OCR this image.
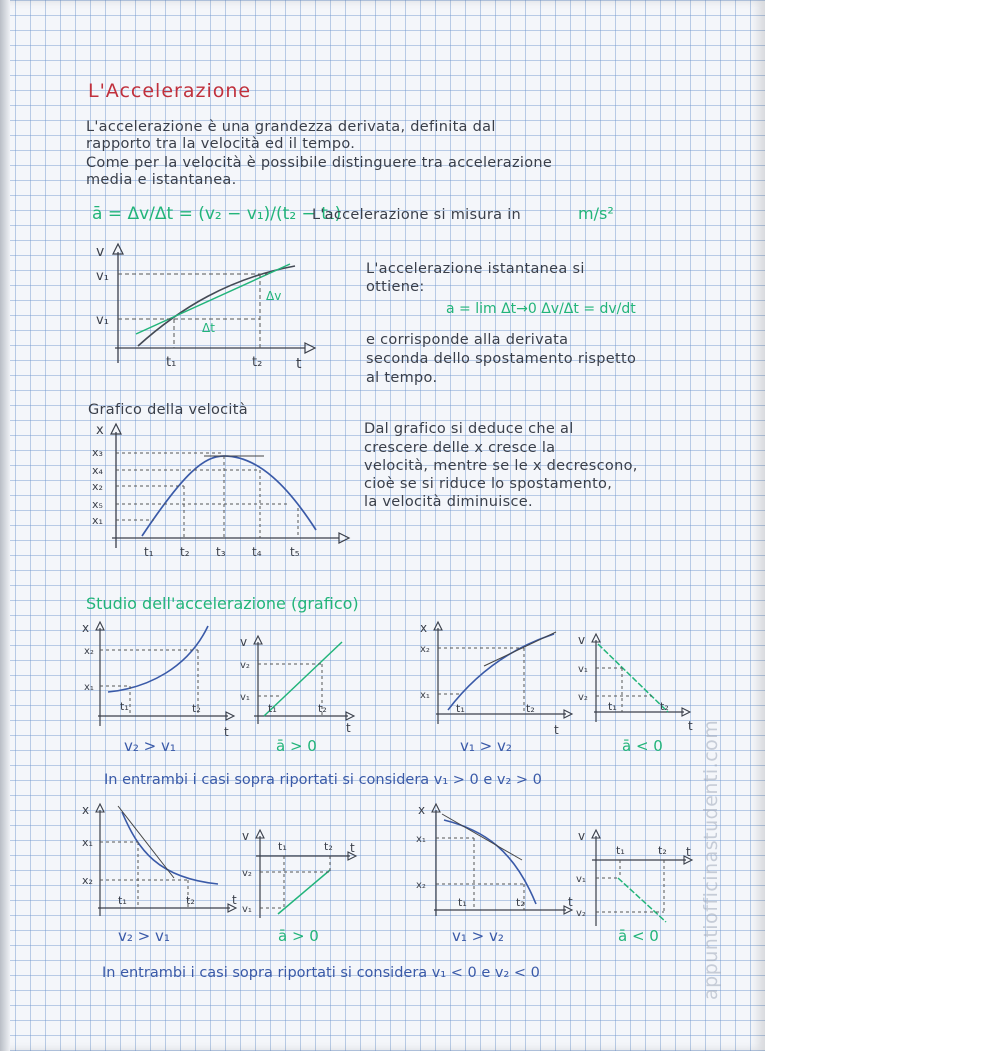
L'Accelerazione
L'accelerazione è una grandezza derivata, definita dal
rapporto tra la velocità ed il tempo.
Come per la velocità è possibile distinguere tra accelerazione
media e istantanea.
ā = Δv/Δt = (v₂ − v₁)/(t₂ − t₁)
L'accelerazione si misura in	m/s²
v
v₁
v₁
t₁	t₂ t
Δv
Δt
L'accelerazione istantanea si
ottiene:
a = lim Δt→0 Δv/Δt = dv/dt
e corrisponde alla derivata
seconda dello spostamento rispetto
al tempo.
Grafico della velocità
x
x₃
x₄
x₂
x₅
x₁
t₁ t₂ t₃ t₄ t₅
Dal grafico si deduce che al
crescere delle x cresce la
velocità, mentre se le x decrescono,
cioè se si riduce lo spostamento,
la velocità diminuisce.
Studio dell'accelerazione (grafico)
x
x₂
x₁
t₁	t₂
t
v₂ > v₁
v
v₂
v₁
t₁	t₂
t
ā > 0
x
x₂
x₁
t₁	t₂
t
v₁ > v₂
v
v₁
v₂
t₁	t₂
t
ā < 0
In entrambi i casi sopra riportati si considera v₁ > 0 e v₂ > 0
x
x₁
x₂
t₁	t₂	t
v₂ > v₁
v
v₂
v₁
t₁	t₂ t
ā > 0
x
x₁
x₂
t₁	t₂	t
v₁ > v₂
v
v₁
v₂
t₁	t₂ t
ā < 0
In entrambi i casi sopra riportati si considera v₁ < 0 e v₂ < 0	appuntiofficinastudenti.com
